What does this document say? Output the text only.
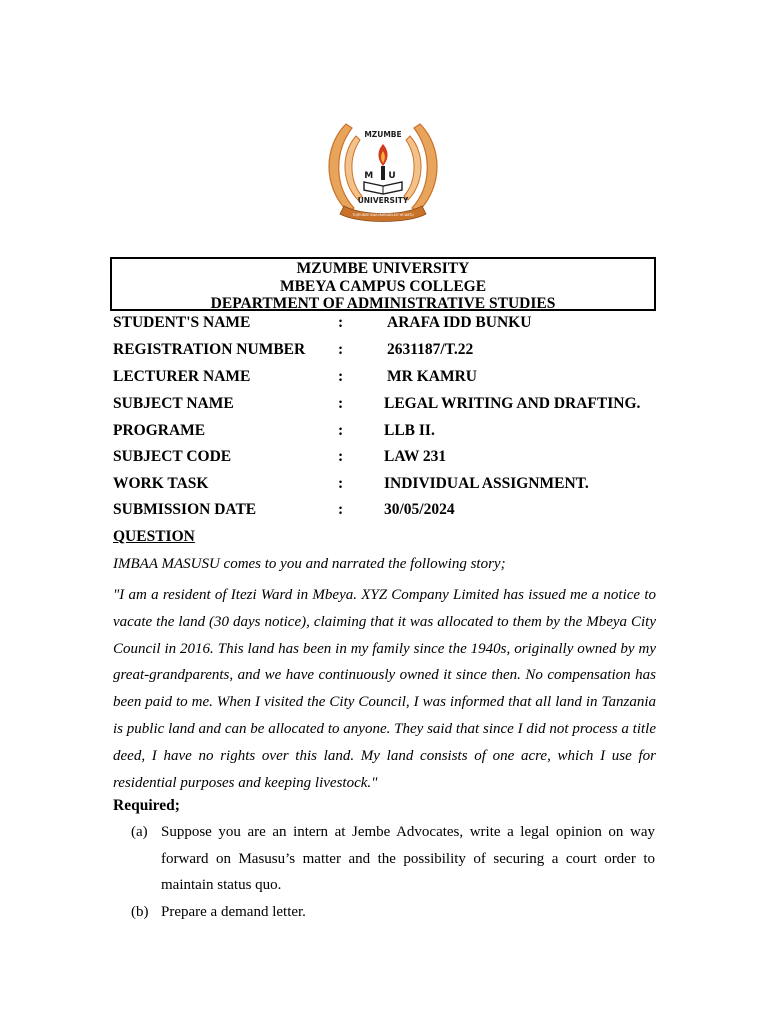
MZUMBE
M U
UNIVERSITY
TUJIFUNZE KWA MAENDELEO YA WATU
MZUMBE UNIVERSITY
MBEYA CAMPUS COLLEGE
DEPARTMENT OF ADMINISTRATIVE STUDIES
STUDENT'S NAME	:	ARAFA IDD BUNKU
REGISTRATION NUMBER :	2631187/T.22
LECTURER NAME	:	MR KAMRU
SUBJECT NAME	:	LEGAL WRITING AND DRAFTING.
PROGRAME	:	LLB II.
SUBJECT CODE	:	LAW 231
WORK TASK	:	INDIVIDUAL ASSIGNMENT.
SUBMISSION DATE	:	30/05/2024
QUESTION
IMBAA MASUSU comes to you and narrated the following story;
"I am a resident of Itezi Ward in Mbeya. XYZ Company Limited has issued me a notice to vacate the land (30 days notice), claiming that it was allocated to them by the Mbeya City Council in 2016. This land has been in my family since the 1940s, originally owned by my great-grandparents, and we have continuously owned it since then. No compensation has been paid to me. When I visited the City Council, I was informed that all land in Tanzania is public land and can be allocated to anyone. They said that since I did not process a title deed, I have no rights over this land. My land consists of one acre, which I use for residential purposes and keeping livestock."
Required;
(a) Suppose you are an intern at Jembe Advocates, write a legal opinion on way forward on Masusu’s matter and the possibility of securing a court order to maintain status quo.
(b) Prepare a demand letter.
